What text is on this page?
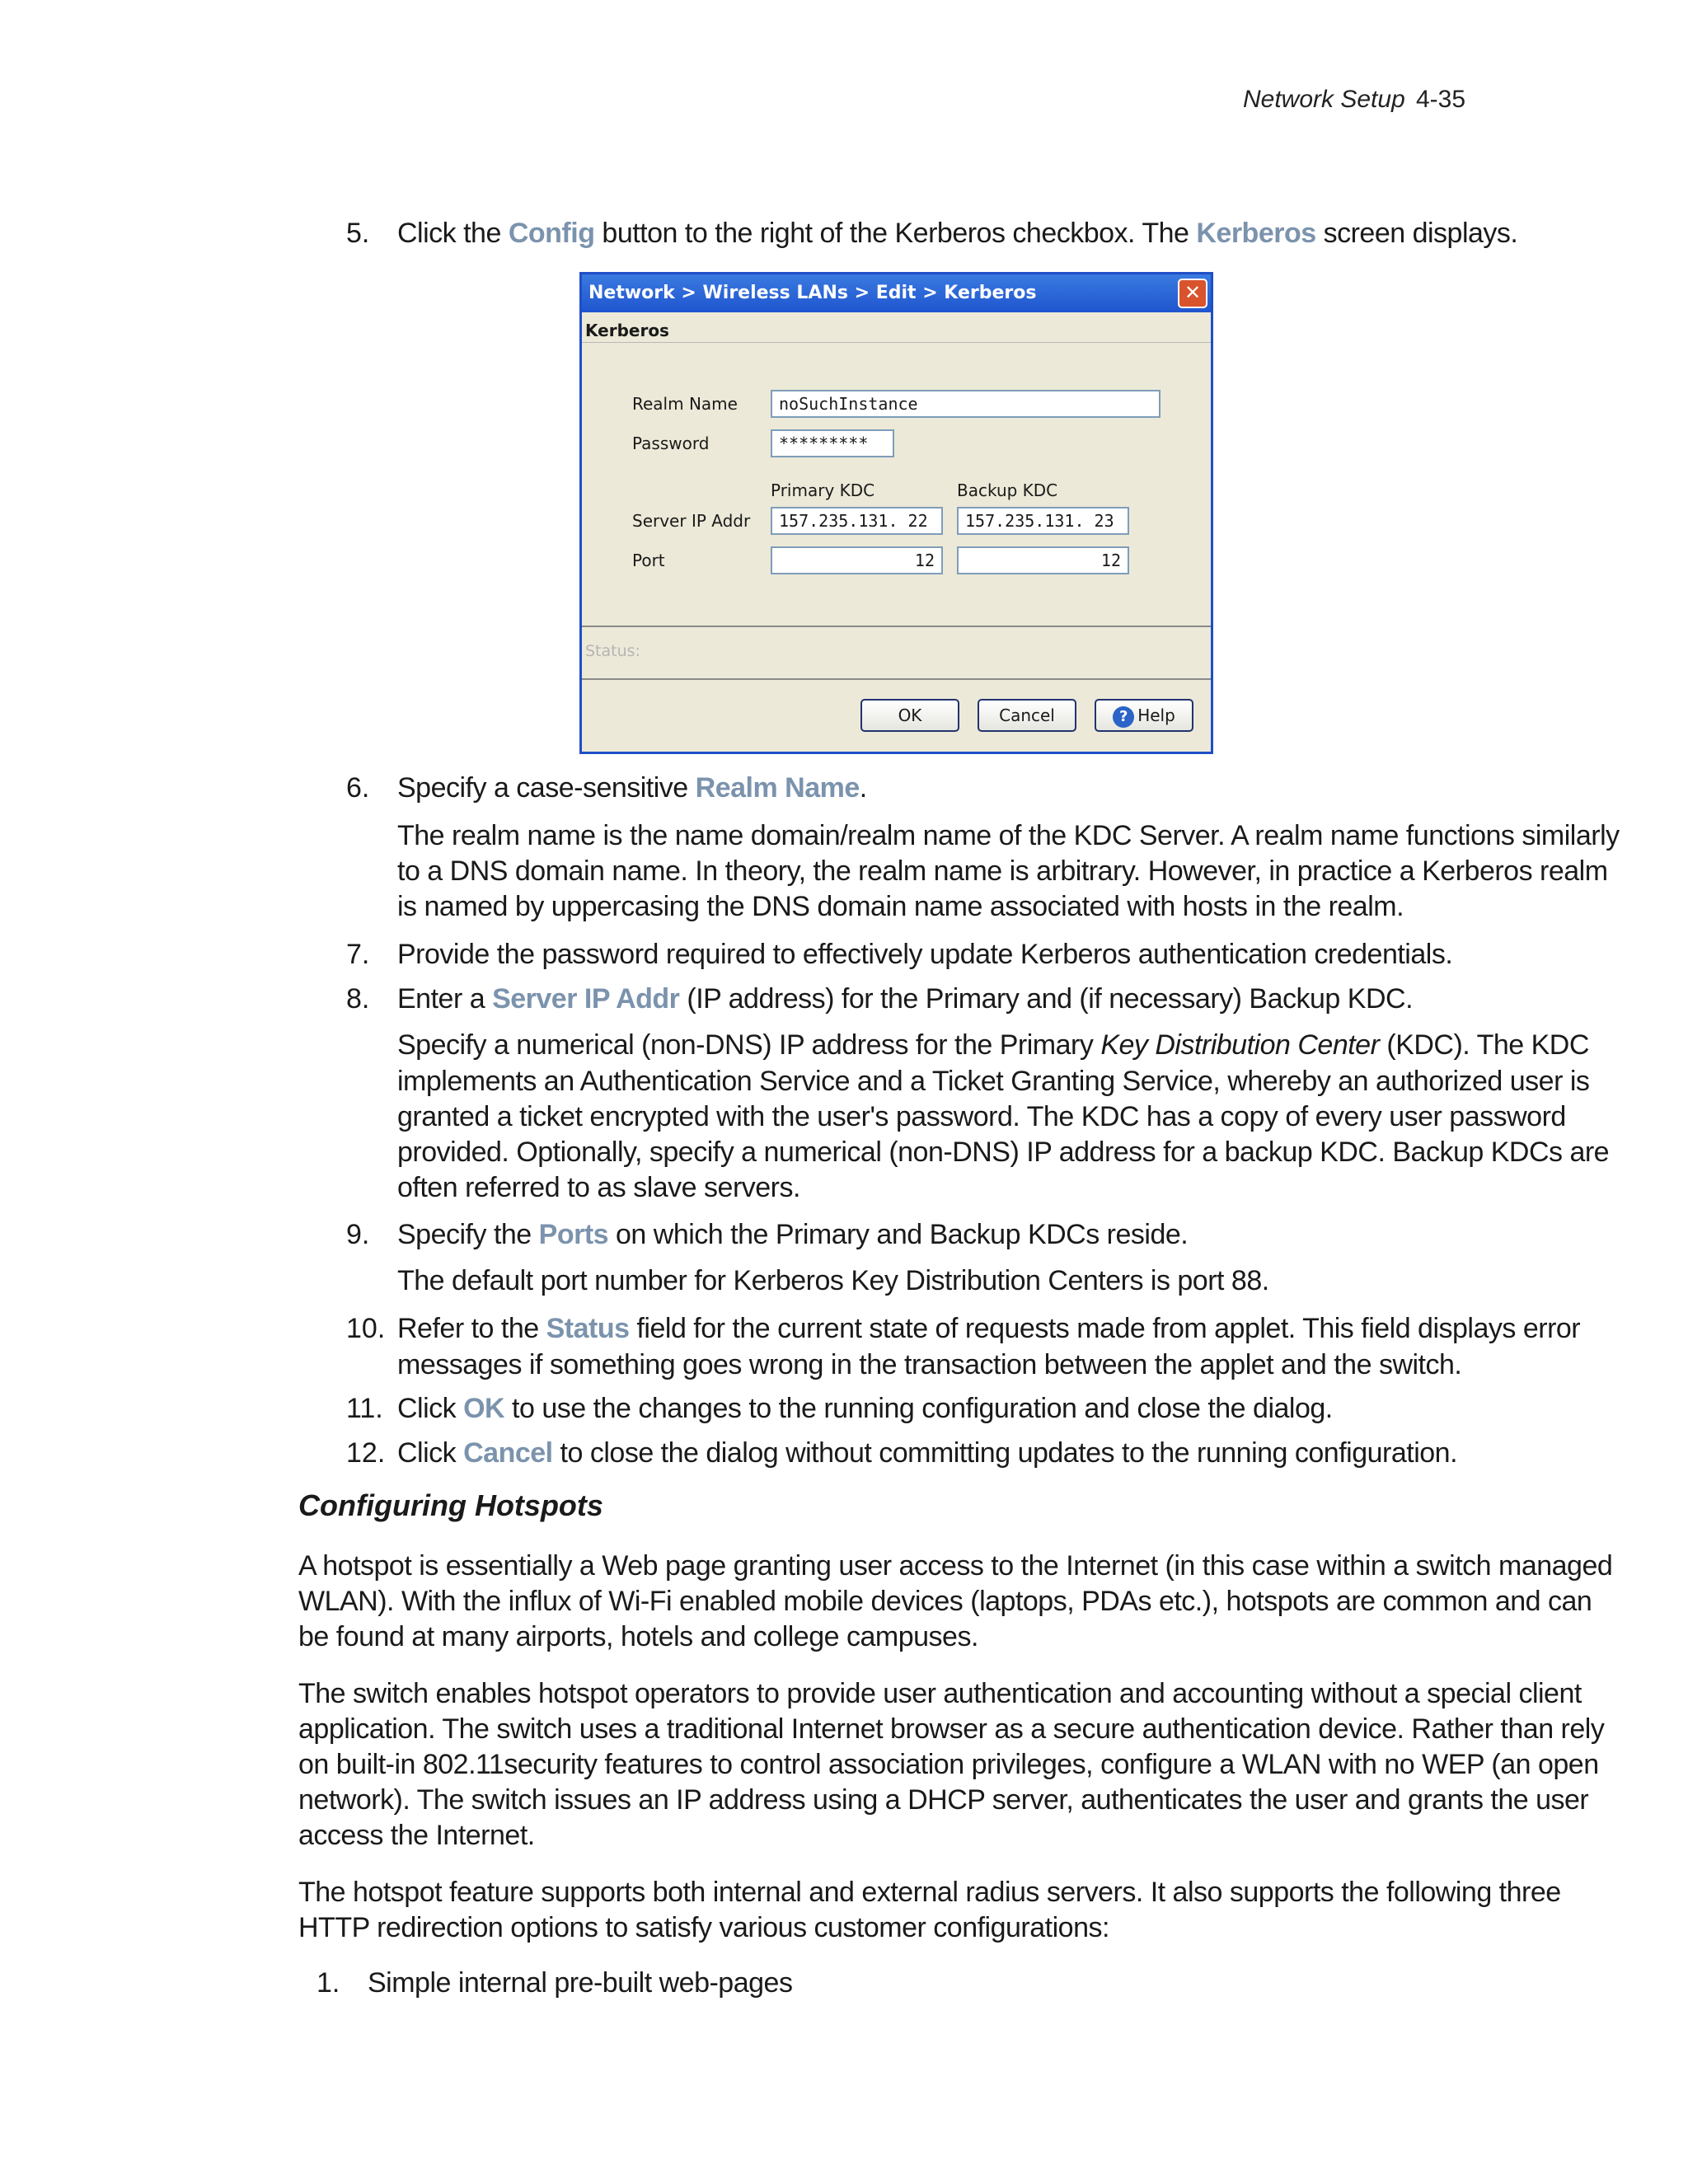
Network Setup 4-35
5. Click the Config button to the right of the Kerberos checkbox. The Kerberos screen displays.
Network > Wireless LANs > Edit > Kerberos	✕
Kerberos
Realm Name	noSuchInstance
Password	*********
Primary KDC	Backup KDC
Server IP Addr	157.235.131. 22	157.235.131. 23
Port	12	12
Status:
OK	Cancel	? Help
6. Specify a case-sensitive Realm Name.
The realm name is the name domain/realm name of the KDC Server. A realm name functions similarly
to a DNS domain name. In theory, the realm name is arbitrary. However, in practice a Kerberos realm
is named by uppercasing the DNS domain name associated with hosts in the realm.
7. Provide the password required to effectively update Kerberos authentication credentials.
8. Enter a Server IP Addr (IP address) for the Primary and (if necessary) Backup KDC.
Specify a numerical (non-DNS) IP address for the Primary Key Distribution Center (KDC). The KDC
implements an Authentication Service and a Ticket Granting Service, whereby an authorized user is
granted a ticket encrypted with the user's password. The KDC has a copy of every user password
provided. Optionally, specify a numerical (non-DNS) IP address for a backup KDC. Backup KDCs are
often referred to as slave servers.
9. Specify the Ports on which the Primary and Backup KDCs reside.
The default port number for Kerberos Key Distribution Centers is port 88.
10. Refer to the Status field for the current state of requests made from applet. This field displays error
messages if something goes wrong in the transaction between the applet and the switch.
11. Click OK to use the changes to the running configuration and close the dialog.
12. Click Cancel to close the dialog without committing updates to the running configuration.
Configuring Hotspots
A hotspot is essentially a Web page granting user access to the Internet (in this case within a switch managed
WLAN). With the influx of Wi-Fi enabled mobile devices (laptops, PDAs etc.), hotspots are common and can
be found at many airports, hotels and college campuses.
The switch enables hotspot operators to provide user authentication and accounting without a special client
application. The switch uses a traditional Internet browser as a secure authentication device. Rather than rely
on built-in 802.11security features to control association privileges, configure a WLAN with no WEP (an open
network). The switch issues an IP address using a DHCP server, authenticates the user and grants the user
access the Internet.
The hotspot feature supports both internal and external radius servers. It also supports the following three
HTTP redirection options to satisfy various customer configurations:
1. Simple internal pre-built web-pages
